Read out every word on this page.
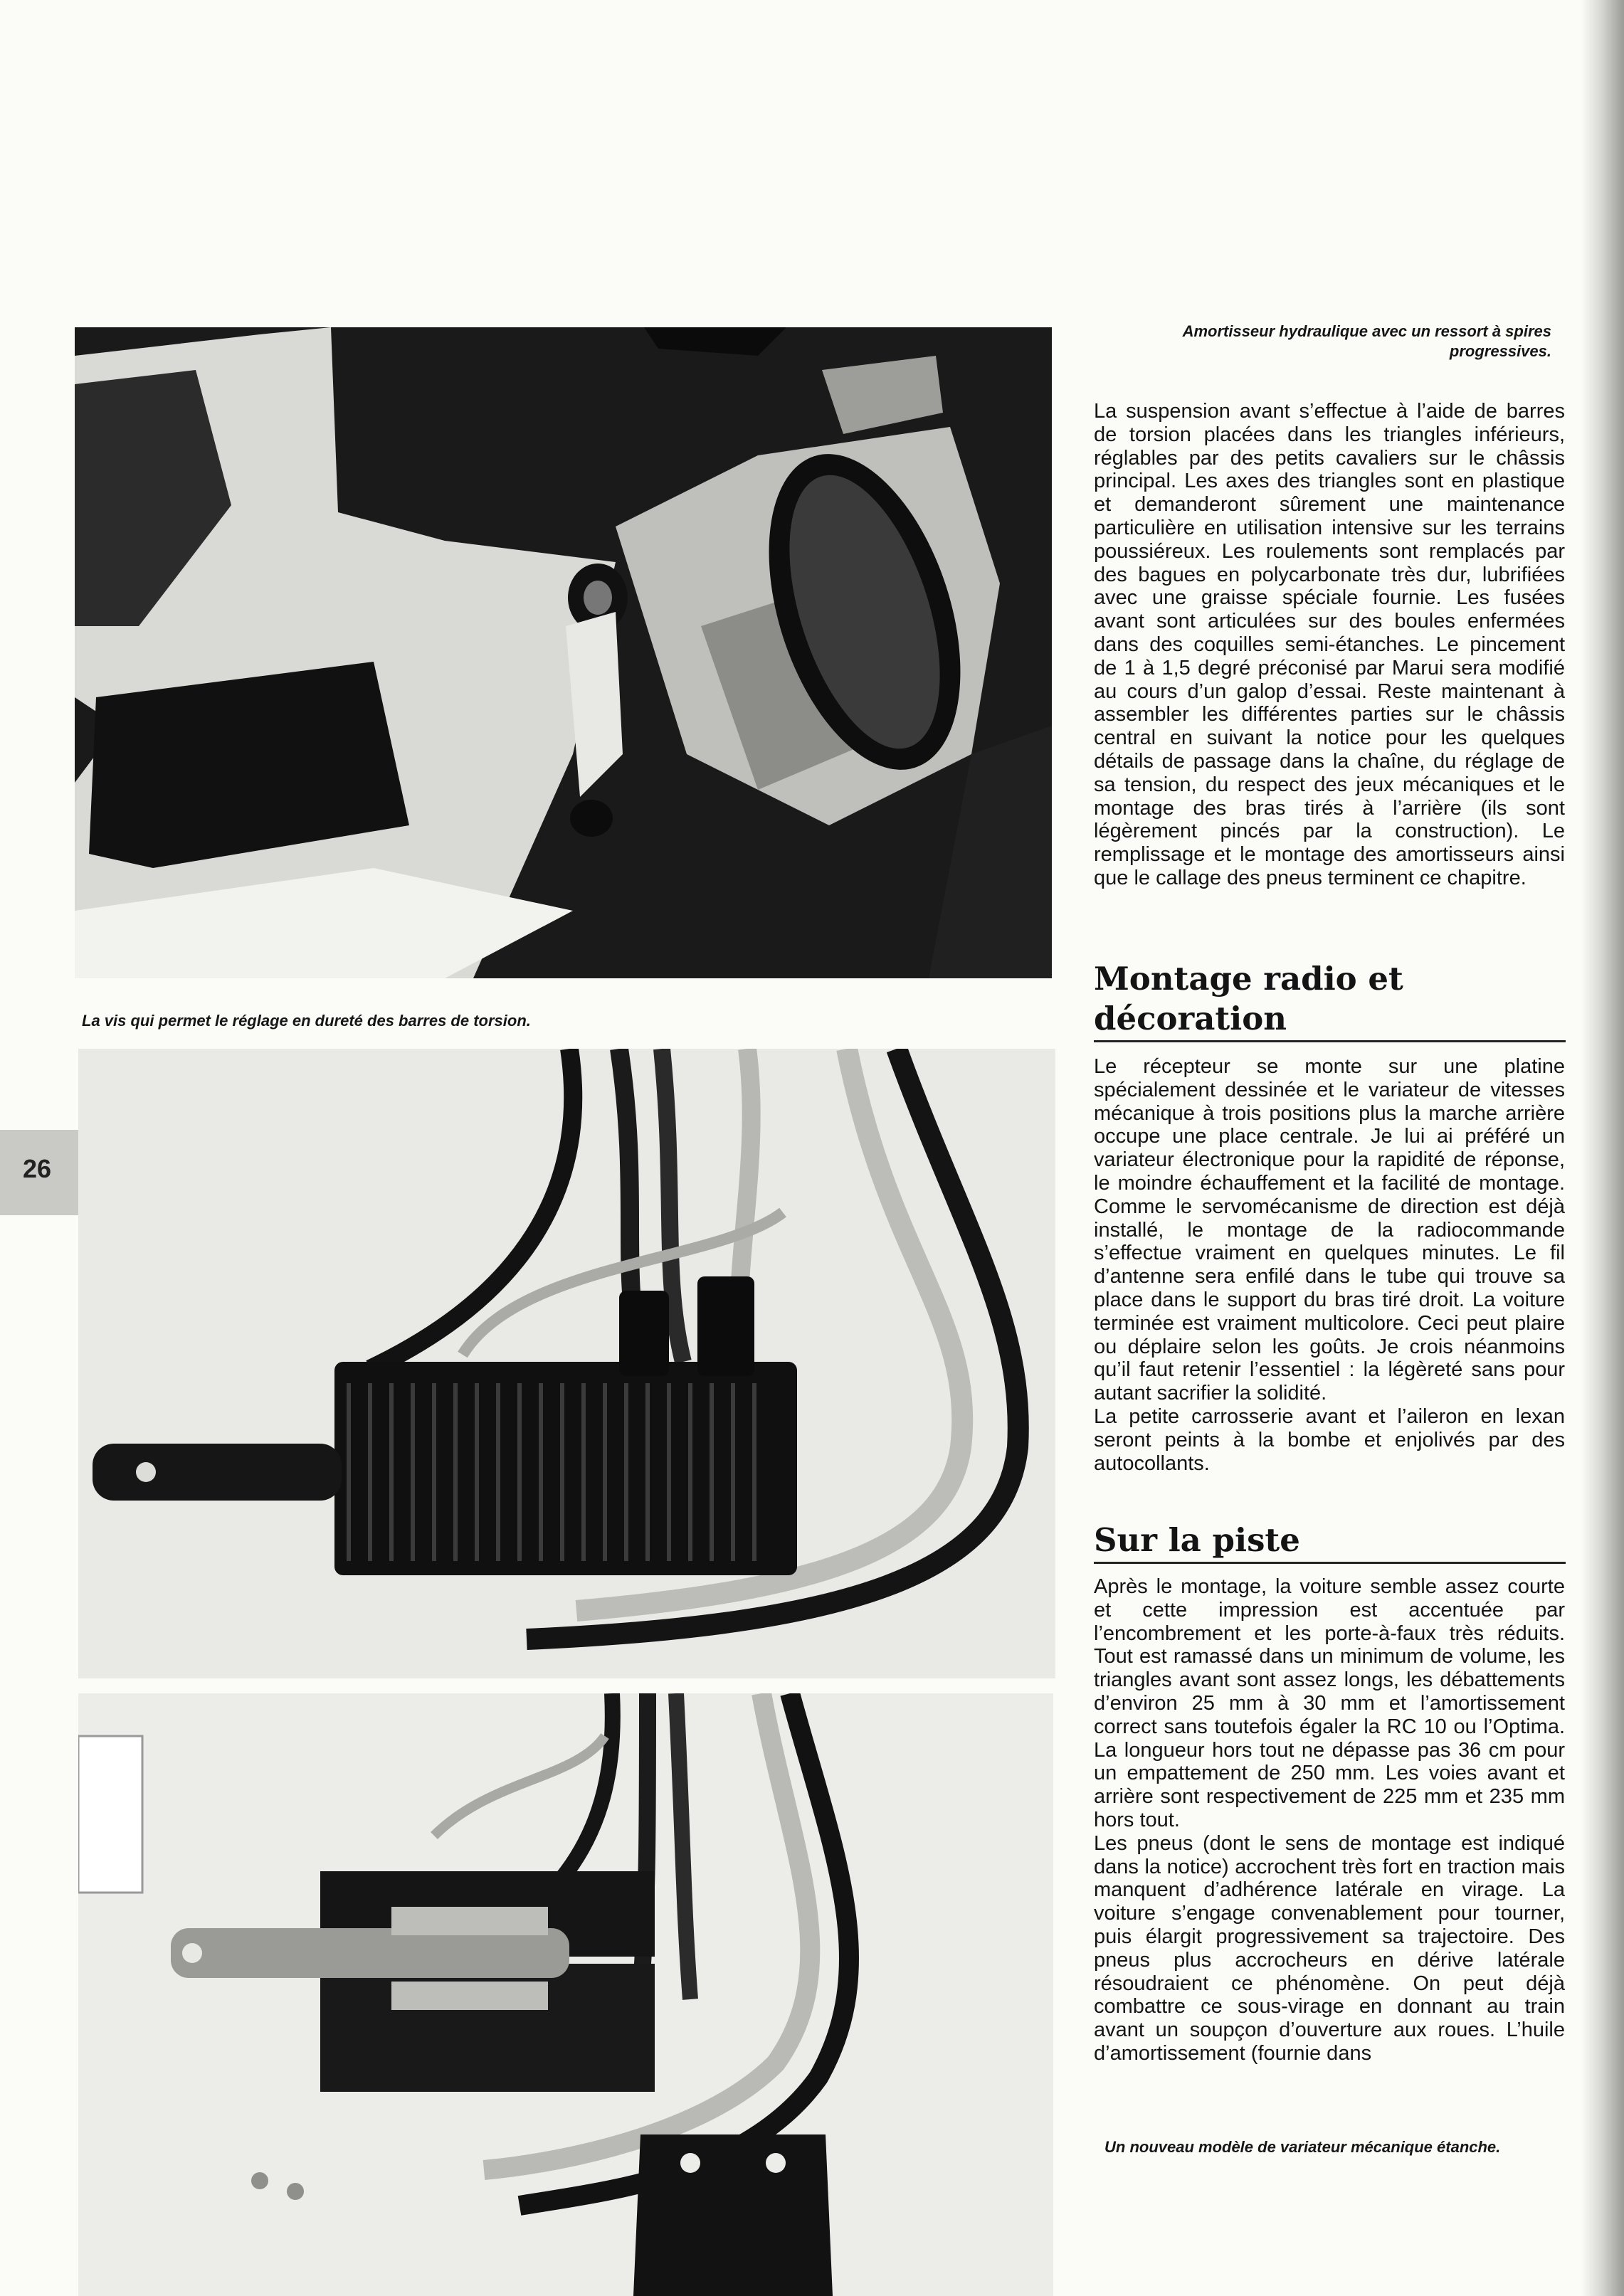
Amortisseur hydraulique avec un ressort à spires progressives.
La vis qui permet le réglage en dureté des barres de torsion.
Un nouveau modèle de variateur mécanique étanche.

La suspension avant s’effectue à l’aide de barres de torsion placées dans les triangles inférieurs, réglables par des petits cavaliers sur le châssis principal. Les axes des triangles sont en plastique et demanderont sûrement une maintenance particulière en utilisation intensive sur les terrains poussiéreux. Les roulements sont remplacés par des bagues en polycarbonate très dur, lubrifiées avec une graisse spéciale fournie. Les fusées avant sont articulées sur des boules enfermées dans des coquilles semi-étanches. Le pincement de 1 à 1,5 degré préconisé par Marui sera modifié au cours d’un galop d’essai. Reste maintenant à assembler les différentes parties sur le châssis central en suivant la notice pour les quelques détails de passage dans la chaîne, du réglage de sa tension, du respect des jeux mécaniques et le montage des bras tirés à l’arrière (ils sont légèrement pincés par la construction). Le remplissage et le montage des amortisseurs ainsi que le callage des pneus terminent ce chapitre.

Montage radio et décoration

Le récepteur se monte sur une platine spécialement dessinée et le variateur de vitesses mécanique à trois positions plus la marche arrière occupe une place centrale. Je lui ai préféré un variateur électronique pour la rapidité de réponse, le moindre échauffement et la facilité de montage. Comme le servomécanisme de direction est déjà installé, le montage de la radiocommande s’effectue vraiment en quelques minutes. Le fil d’antenne sera enfilé dans le tube qui trouve sa place dans le support du bras tiré droit. La voiture terminée est vraiment multicolore. Ceci peut plaire ou déplaire selon les goûts. Je crois néanmoins qu’il faut retenir l’essentiel : la légèreté sans pour autant sacrifier la solidité.

La petite carrosserie avant et l’aileron en lexan seront peints à la bombe et enjolivés par des autocollants.

Sur la piste

Après le montage, la voiture semble assez courte et cette impression est accentuée par l’encombrement et les porte-à-faux très réduits. Tout est ramassé dans un minimum de volume, les triangles avant sont assez longs, les débattements d’environ 25 mm à 30 mm et l’amortissement correct sans toutefois égaler la RC 10 ou l’Optima. La longueur hors tout ne dépasse pas 36 cm pour un empattement de 250 mm. Les voies avant et arrière sont respectivement de 225 mm et 235 mm hors tout.

Les pneus (dont le sens de montage est indiqué dans la notice) accrochent très fort en traction mais manquent d’adhérence latérale en virage. La voiture s’engage convenablement pour tourner, puis élargit progressivement sa trajectoire. Des pneus plus accrocheurs en dérive latérale résoudraient ce phénomène. On peut déjà combattre ce sous-virage en donnant au train avant un soupçon d’ouverture aux roues. L’huile d’amortissement (fournie dans

26
